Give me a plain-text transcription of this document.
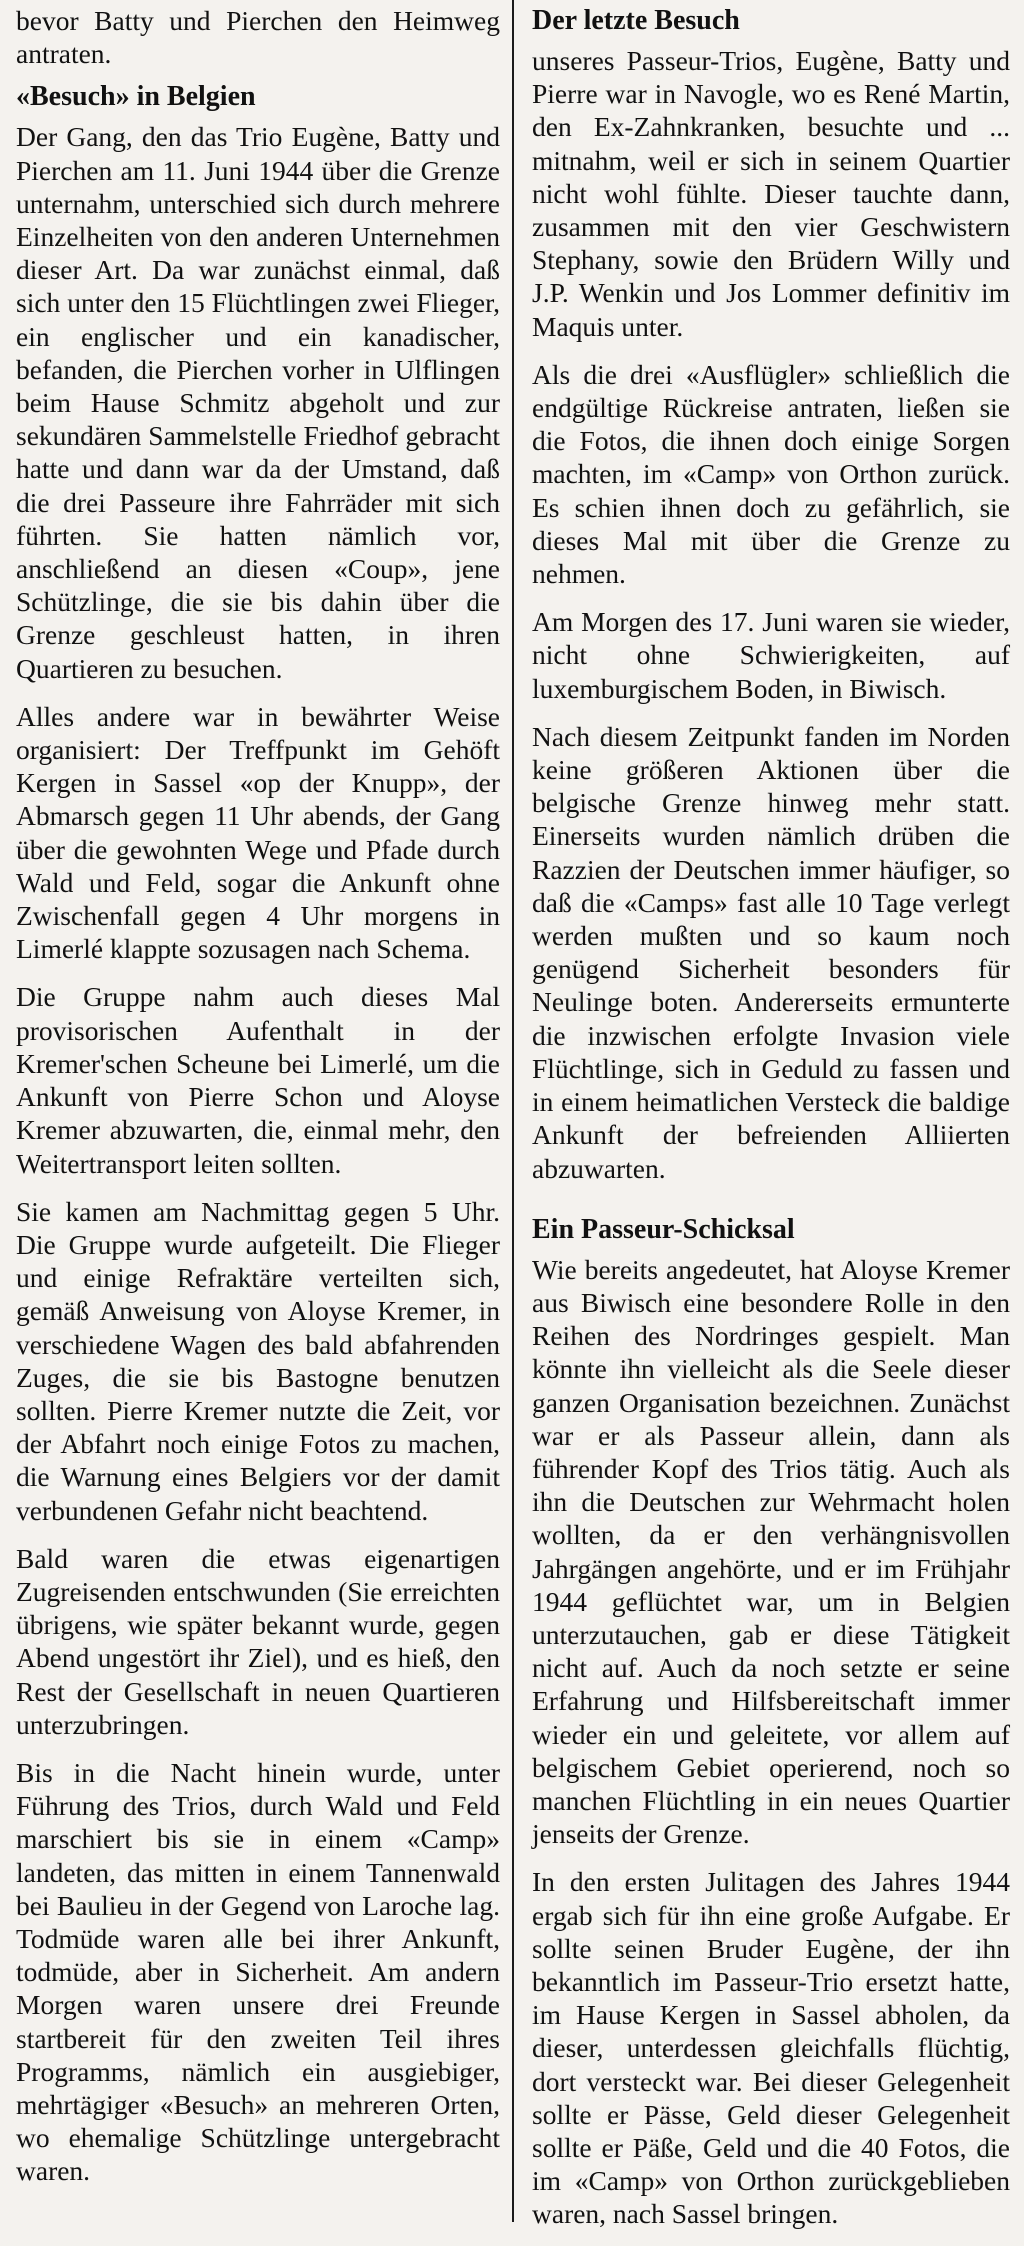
bevor Batty und Pierchen den Heimweg antraten.

«Besuch» in Belgien

Der Gang, den das Trio Eugène, Batty und Pierchen am 11. Juni 1944 über die Grenze unternahm, unterschied sich durch mehrere Einzelheiten von den anderen Unternehmen dieser Art. Da war zunächst einmal, daß sich unter den 15 Flüchtlingen zwei Flieger, ein englischer und ein kanadischer, befanden, die Pierchen vorher in Ulflingen beim Hause Schmitz abgeholt und zur sekundären Sammelstelle Friedhof gebracht hatte und dann war da der Umstand, daß die drei Passeure ihre Fahrräder mit sich führten. Sie hatten nämlich vor, anschließend an diesen «Coup», jene Schützlinge, die sie bis dahin über die Grenze geschleust hatten, in ihren Quartieren zu besuchen.

Alles andere war in bewährter Weise organisiert: Der Treffpunkt im Gehöft Kergen in Sassel «op der Knupp», der Abmarsch gegen 11 Uhr abends, der Gang über die gewohnten Wege und Pfade durch Wald und Feld, sogar die Ankunft ohne Zwischenfall gegen 4 Uhr morgens in Limerlé klappte sozusagen nach Schema.

Die Gruppe nahm auch dieses Mal provisorischen Aufenthalt in der Kremer'schen Scheune bei Limerlé, um die Ankunft von Pierre Schon und Aloyse Kremer abzuwarten, die, einmal mehr, den Weitertransport leiten sollten.

Sie kamen am Nachmittag gegen 5 Uhr. Die Gruppe wurde aufgeteilt. Die Flieger und einige Refraktäre verteilten sich, gemäß Anweisung von Aloyse Kremer, in verschiedene Wagen des bald abfahrenden Zuges, die sie bis Bastogne benutzen sollten. Pierre Kremer nutzte die Zeit, vor der Abfahrt noch einige Fotos zu machen, die Warnung eines Belgiers vor der damit verbundenen Gefahr nicht beachtend.

Bald waren die etwas eigenartigen Zugreisenden entschwunden (Sie erreichten übrigens, wie später bekannt wurde, gegen Abend ungestört ihr Ziel), und es hieß, den Rest der Gesellschaft in neuen Quartieren unterzubringen.

Bis in die Nacht hinein wurde, unter Führung des Trios, durch Wald und Feld marschiert bis sie in einem «Camp» landeten, das mitten in einem Tannenwald bei Baulieu in der Gegend von Laroche lag. Todmüde waren alle bei ihrer Ankunft, todmüde, aber in Sicherheit. Am andern Morgen waren unsere drei Freunde startbereit für den zweiten Teil ihres Programms, nämlich ein ausgiebiger, mehrtägiger «Besuch» an mehreren Orten, wo ehemalige Schützlinge untergebracht waren.

Der letzte Besuch

unseres Passeur-Trios, Eugène, Batty und Pierre war in Navogle, wo es René Martin, den Ex-Zahnkranken, besuchte und ... mitnahm, weil er sich in seinem Quartier nicht wohl fühlte. Dieser tauchte dann, zusammen mit den vier Geschwistern Stephany, sowie den Brüdern Willy und J.P. Wenkin und Jos Lommer definitiv im Maquis unter.

Als die drei «Ausflügler» schließlich die endgültige Rückreise antraten, ließen sie die Fotos, die ihnen doch einige Sorgen machten, im «Camp» von Orthon zurück. Es schien ihnen doch zu gefährlich, sie dieses Mal mit über die Grenze zu nehmen.

Am Morgen des 17. Juni waren sie wieder, nicht ohne Schwierigkeiten, auf luxemburgischem Boden, in Biwisch.

Nach diesem Zeitpunkt fanden im Norden keine größeren Aktionen über die belgische Grenze hinweg mehr statt. Einerseits wurden nämlich drüben die Razzien der Deutschen immer häufiger, so daß die «Camps» fast alle 10 Tage verlegt werden mußten und so kaum noch genügend Sicherheit besonders für Neulinge boten. Andererseits ermunterte die inzwischen erfolgte Invasion viele Flüchtlinge, sich in Geduld zu fassen und in einem heimatlichen Versteck die baldige Ankunft der befreienden Alliierten abzuwarten.

Ein Passeur-Schicksal

Wie bereits angedeutet, hat Aloyse Kremer aus Biwisch eine besondere Rolle in den Reihen des Nordringes gespielt. Man könnte ihn vielleicht als die Seele dieser ganzen Organisation bezeichnen. Zunächst war er als Passeur allein, dann als führender Kopf des Trios tätig. Auch als ihn die Deutschen zur Wehrmacht holen wollten, da er den verhängnisvollen Jahrgängen angehörte, und er im Frühjahr 1944 geflüchtet war, um in Belgien unterzutauchen, gab er diese Tätigkeit nicht auf. Auch da noch setzte er seine Erfahrung und Hilfsbereitschaft immer wieder ein und geleitete, vor allem auf belgischem Gebiet operierend, noch so manchen Flüchtling in ein neues Quartier jenseits der Grenze.

In den ersten Julitagen des Jahres 1944 ergab sich für ihn eine große Aufgabe. Er sollte seinen Bruder Eugène, der ihn bekanntlich im Passeur-Trio ersetzt hatte, im Hause Kergen in Sassel abholen, da dieser, unterdessen gleichfalls flüchtig, dort versteckt war. Bei dieser Gelegenheit sollte er Pässe, Geld dieser Gelegenheit sollte er Päße, Geld und die 40 Fotos, die im «Camp» von Orthon zurückgeblieben waren, nach Sassel bringen.
